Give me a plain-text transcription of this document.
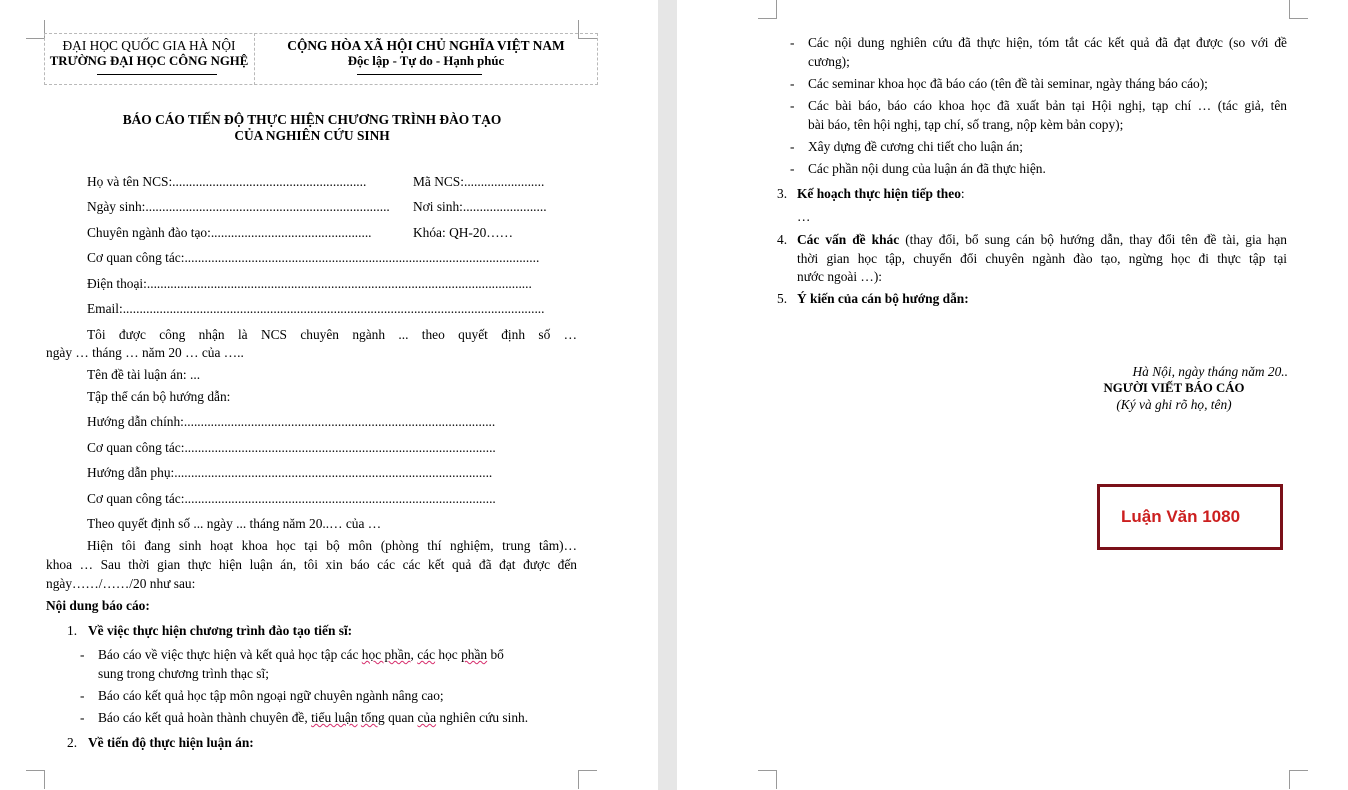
ĐẠI HỌC QUỐC GIA HÀ NỘI
TRƯỜNG ĐẠI HỌC CÔNG NGHỆ
CỘNG HÒA XÃ HỘI CHỦ NGHĨA VIỆT NAM
Độc lập - Tự do - Hạnh phúc
BÁO CÁO TIẾN ĐỘ THỰC HIỆN CHƯƠNG TRÌNH ĐÀO TẠO
CỦA NGHIÊN CỨU SINH
Họ và tên NCS:..........................................................	Mã NCS:........................
Ngày sinh:......................................................................... Nơi sinh:.........................
Chuyên ngành đào tạo:................................................	Khóa: QH-20……
Cơ quan công tác:..........................................................................................................
Điện thoại:...................................................................................................................
Email:..............................................................................................................................
Tôi được công nhận là NCS chuyên ngành ... theo quyết định số …
ngày … tháng … năm 20 … của …..
Tên đề tài luận án: ...
Tập thể cán bộ hướng dẫn:
Hướng dẫn chính:.............................................................................................
Cơ quan công tác:.............................................................................................
Hướng dẫn phụ:...............................................................................................
Cơ quan công tác:.............................................................................................
Theo quyết định số ... ngày ... tháng năm 20..… của …
Hiện tôi đang sinh hoạt khoa học tại bộ môn (phòng thí nghiệm, trung tâm)…
khoa … Sau thời gian thực hiện luận án, tôi xin báo các các kết quả đã đạt được đến
ngày……/……/20 như sau:
Nội dung báo cáo:
1. Về việc thực hiện chương trình đào tạo tiến sĩ:
- Báo cáo về việc thực hiện và kết quả học tập các học phần, các học phần bổ
sung trong chương trình thạc sĩ;
- Báo cáo kết quả học tập môn ngoại ngữ chuyên ngành nâng cao;
- Báo cáo kết quả hoàn thành chuyên đề, tiểu luận tổng quan của nghiên cứu sinh.
2. Về tiến độ thực hiện luận án:
- Các nội dung nghiên cứu đã thực hiện, tóm tắt các kết quả đã đạt được (so với đề
cương);
- Các seminar khoa học đã báo cáo (tên đề tài seminar, ngày tháng báo cáo);
- Các bài báo, báo cáo khoa học đã xuất bản tại Hội nghị, tạp chí … (tác giả, tên
bài báo, tên hội nghị, tạp chí, số trang, nộp kèm bản copy);
- Xây dựng đề cương chi tiết cho luận án;
- Các phần nội dung của luận án đã thực hiện.
3. Kế hoạch thực hiện tiếp theo:
…
4. Các vấn đề khác (thay đổi, bổ sung cán bộ hướng dẫn, thay đổi tên đề tài, gia hạn
thời gian học tập, chuyển đổi chuyên ngành đào tạo, ngừng học đi thực tập tại
nước ngoài …):
5. Ý kiến của cán bộ hướng dẫn:
Hà Nội, ngày tháng năm 20..
NGƯỜI VIẾT BÁO CÁO
(Ký và ghi rõ họ, tên)
Luận Văn 1080
